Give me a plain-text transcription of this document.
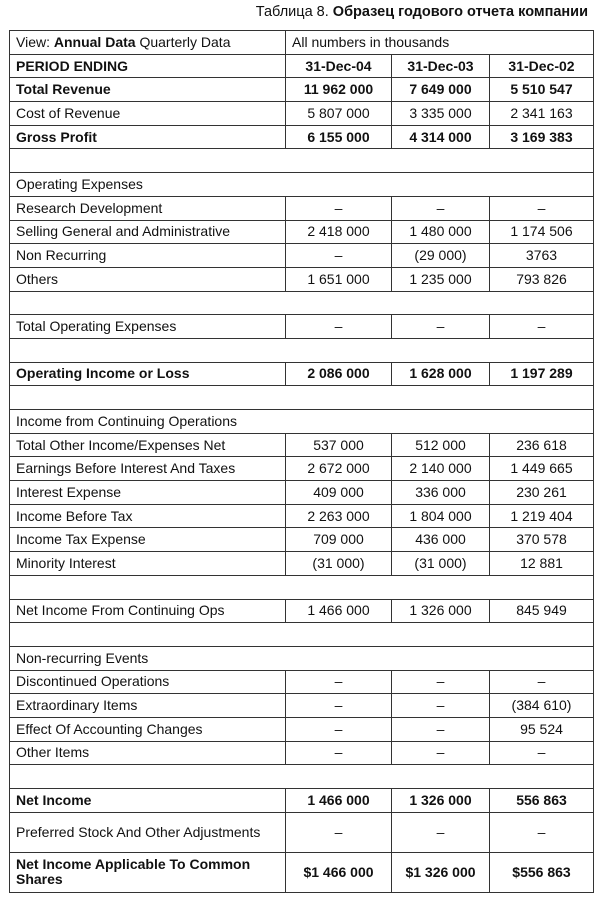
Таблица 8. Образец годового отчета компании
View: Annual Data Quarterly Data	All numbers in thousands		
PERIOD ENDING	31-Dec-04	31-Dec-03	31-Dec-02
Total Revenue	11 962 000	7 649 000	5 510 547
Cost of Revenue	5 807 000	3 335 000	2 341 163
Gross Profit	6 155 000	4 314 000	3 169 383

Operating Expenses			
Research Development	–	–	–
Selling General and Administrative	2 418 000	1 480 000	1 174 506
Non Recurring	–	(29 000)	3763
Others	1 651 000	1 235 000	793 826

Total Operating Expenses	–	–	–

Operating Income or Loss	2 086 000	1 628 000	1 197 289

Income from Continuing Operations			
Total Other Income/Expenses Net	537 000	512 000	236 618
Earnings Before Interest And Taxes	2 672 000	2 140 000	1 449 665
Interest Expense	409 000	336 000	230 261
Income Before Tax	2 263 000	1 804 000	1 219 404
Income Tax Expense	709 000	436 000	370 578
Minority Interest	(31 000)	(31 000)	12 881

Net Income From Continuing Ops	1 466 000	1 326 000	845 949

Non-recurring Events			
Discontinued Operations	–	–	–
Extraordinary Items	–	–	(384 610)
Effect Of Accounting Changes	–	–	95 524
Other Items	–	–	–

Net Income	1 466 000	1 326 000	556 863
Preferred Stock And Other Adjustments	–	–	–
Net Income Applicable To Common Shares	$1 466 000	$1 326 000	$556 863
